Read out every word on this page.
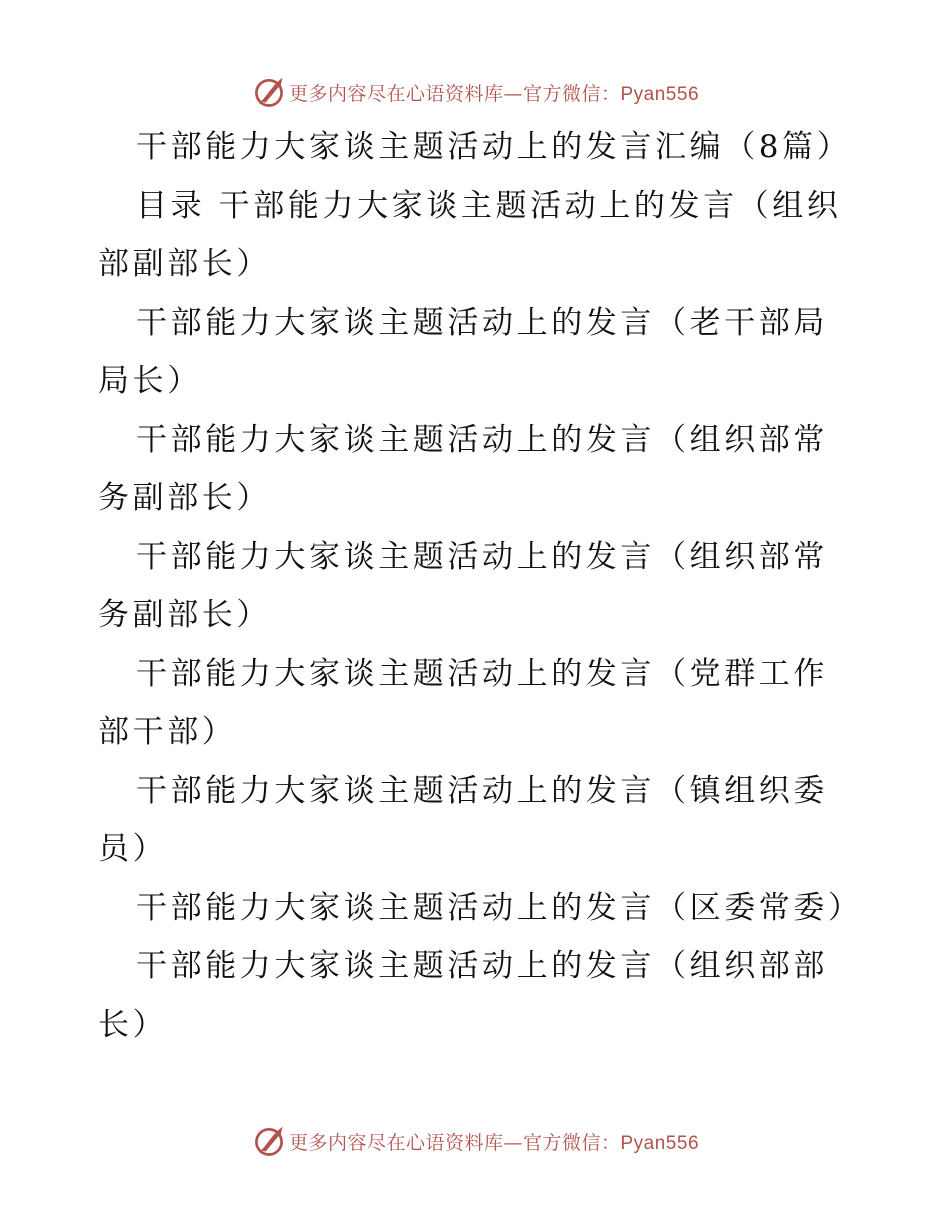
更多内容尽在心语资料库—官方微信：Pyan556

干部能力大家谈主题活动上的发言汇编（8篇）

目录 干部能力大家谈主题活动上的发言（组织部副部长）

干部能力大家谈主题活动上的发言（老干部局局长）

干部能力大家谈主题活动上的发言（组织部常务副部长）

干部能力大家谈主题活动上的发言（组织部常务副部长）

干部能力大家谈主题活动上的发言（党群工作部干部）

干部能力大家谈主题活动上的发言（镇组织委员）

干部能力大家谈主题活动上的发言（区委常委）

干部能力大家谈主题活动上的发言（组织部部长）

更多内容尽在心语资料库—官方微信：Pyan556
